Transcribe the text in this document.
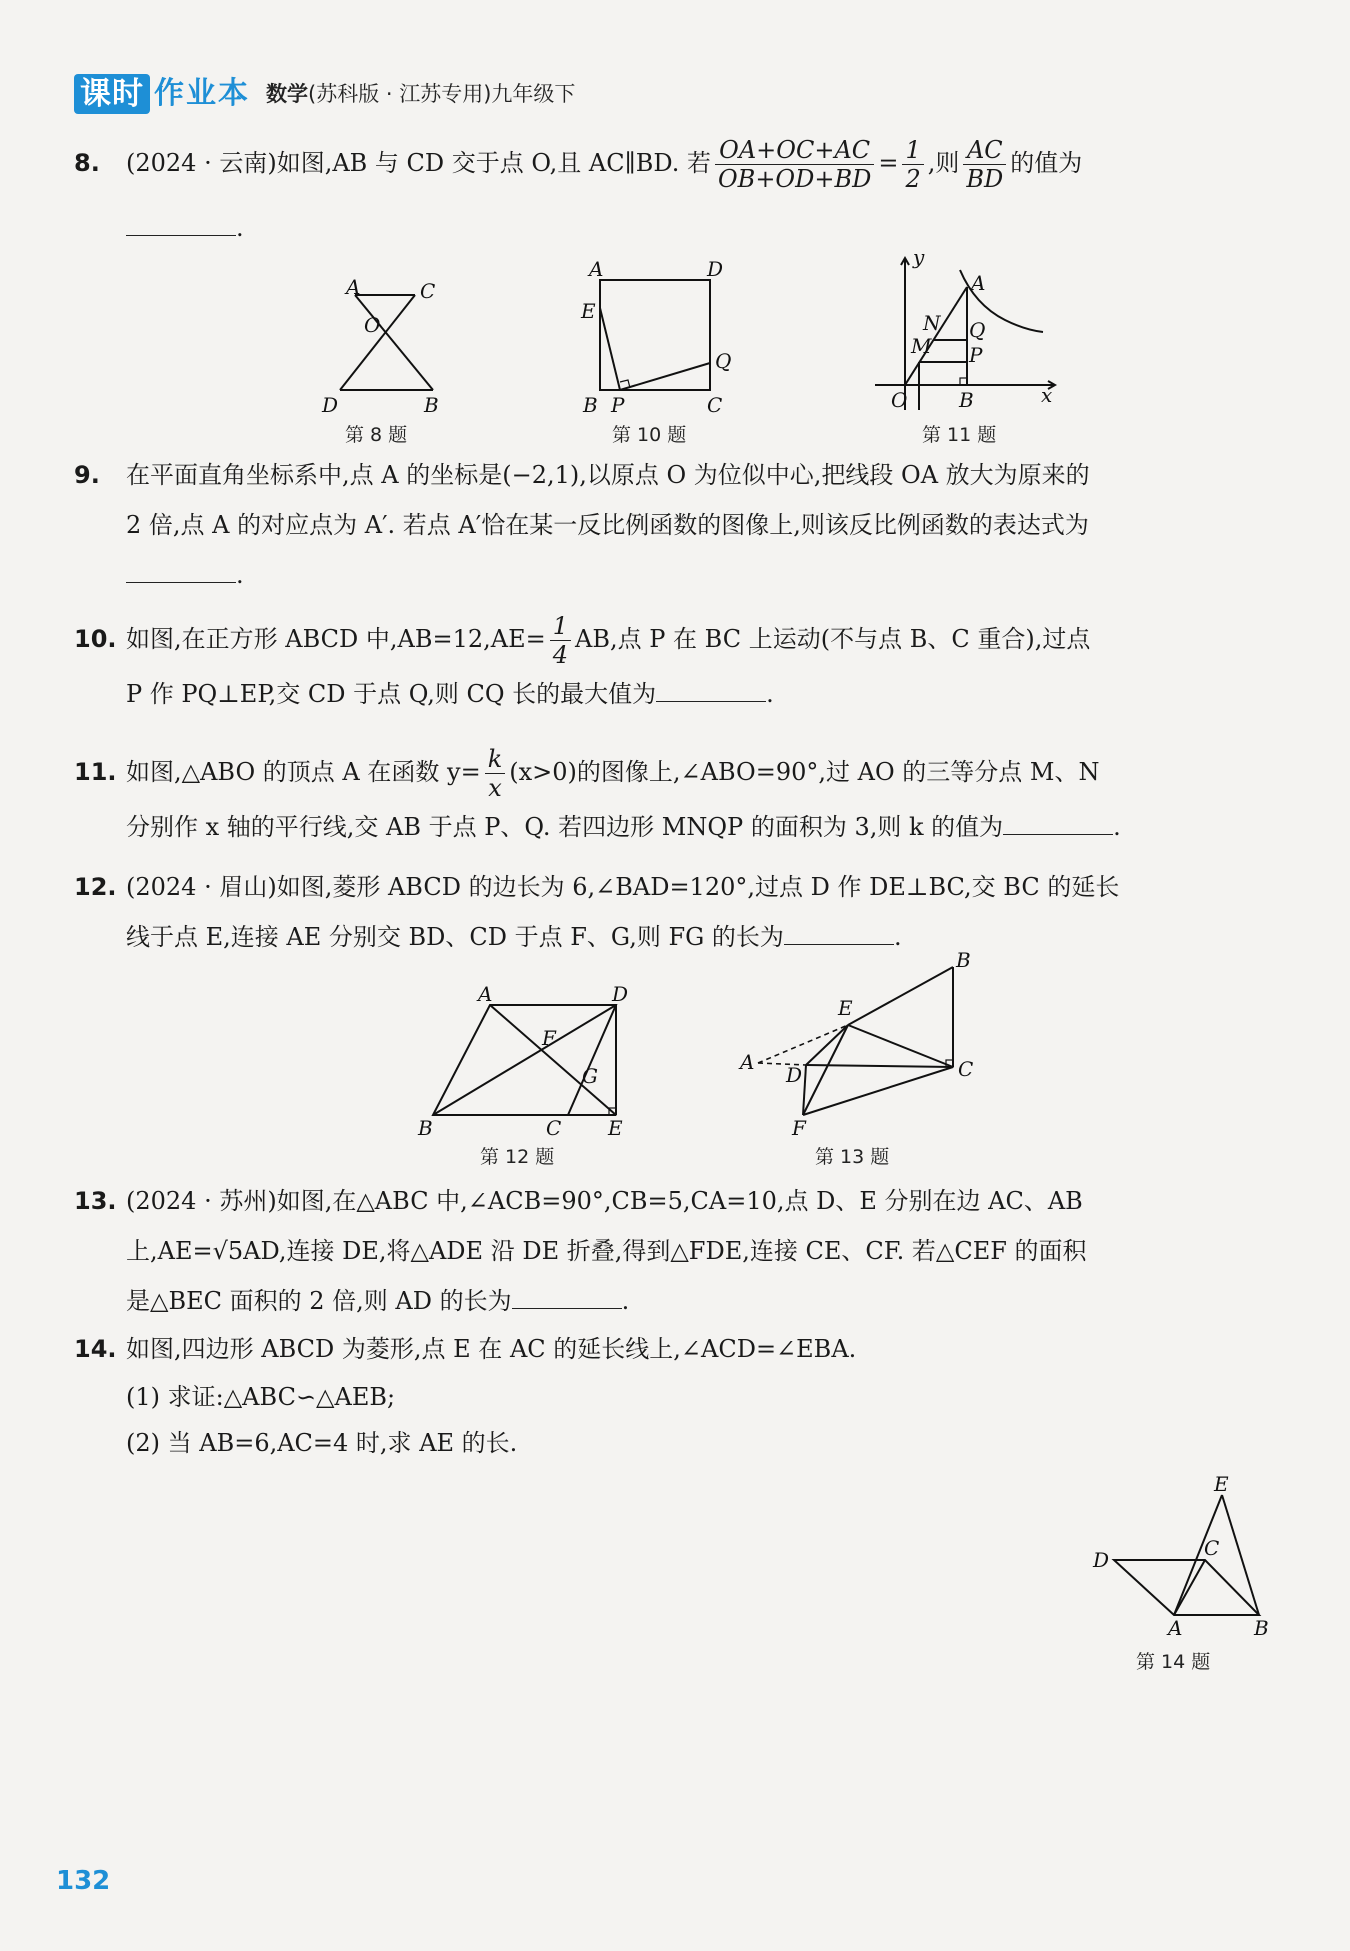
课时 作业本 数学(苏科版 · 江苏专用)九年级下
8. (2024 · 云南)如图,AB 与 CD 交于点 O,且 AC∥BD. 若 $\frac{OA+OC+AC}{OB+OD+BD} = \frac{1}{2}$ ,则 $\frac{AC}{BD}$ 的值为
.
A	C
O
D	B
第 8 题
A	D
E
B P	C
Q
第 10 题
y
x
O	B
A
N
M
Q
P
第 11 题
9. 在平面直角坐标系中,点 A 的坐标是(−2,1),以原点 O 为位似中心,把线段 OA 放大为原来的
2 倍,点 A 的对应点为 A′. 若点 A′恰在某一反比例函数的图像上,则该反比例函数的表达式为
.
10. 如图,在正方形 ABCD 中$,AB=12,AE= \frac{1}{4}$ AB,点 P 在 BC 上运动(不与点 B、C 重合),过点
P 作 PQ⊥EP,交 CD 于点 Q,则 CQ 长的最大值为	.
11. 如图,△ABO 的顶点 A 在函数 $y= \frac{k}{x} (x>0)$的图像上,∠ABO=90°,过 AO 的三等分点 M、N
分别作 x 轴的平行线,交 AB 于点 P、Q. 若四边形 MNQP 的面积为 3,则 k 的值为	.
12. (2024 · 眉山)如图,菱形 ABCD 的边长为 6,∠BAD=120°,过点 D 作 DE⊥BC,交 BC 的延长
线于点 E,连接 AE 分别交 BD、CD 于点 F、G,则 FG 的长为	.
A	D
F
G
B	C E
第 12 题
B
E
A
D	C
F
第 13 题
13. (2024 · 苏州)如图,在△ABC 中,∠ACB=90°,CB=5,CA=10,点 D、E 分别在边 AC、AB
上,AE=√5AD,连接 DE,将△ADE 沿 DE 折叠,得到△FDE,连接 CE、CF. 若△CEF 的面积
是△BEC 面积的 2 倍,则 AD 的长为	.
14. 如图,四边形 ABCD 为菱形,点 E 在 AC 的延长线上,∠ACD=∠EBA.
(1) 求证:△ABC∽△AEB;
(2) 当 AB=6,AC=4 时,求 AE 的长.
E
D	C
A	B
第 14 题
132
